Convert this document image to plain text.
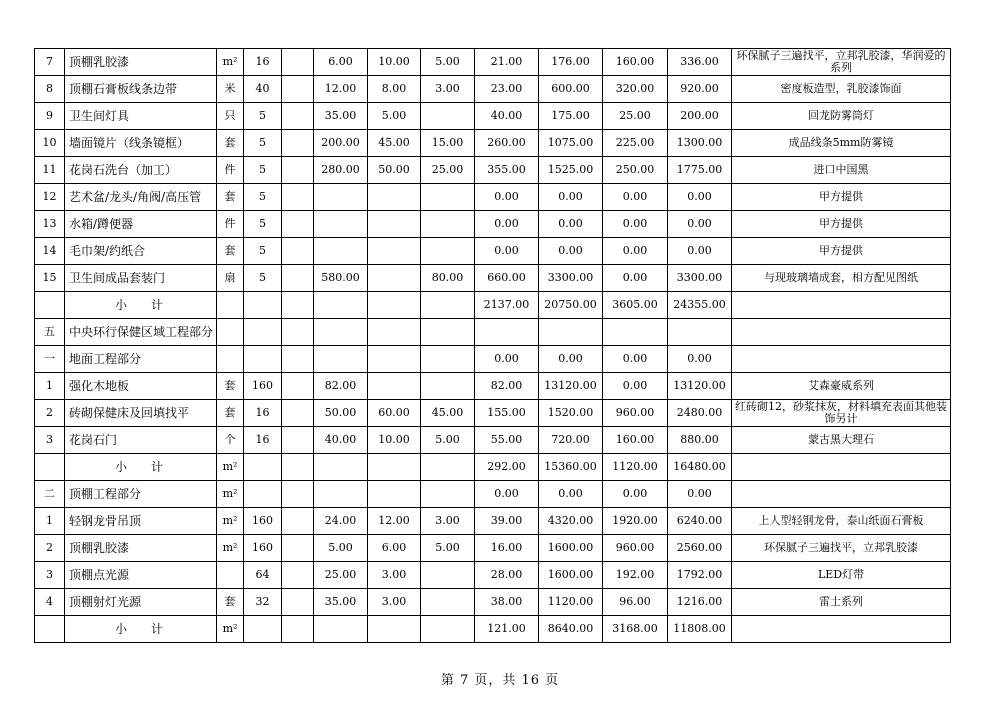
7	顶棚乳胶漆	m²	16		6.00	10.00	5.00	21.00	176.00	160.00	336.00	环保腻子三遍找平，立邦乳胶漆，华润爱的系列
8	顶棚石膏板线条边带	米	40		12.00	8.00	3.00	23.00	600.00	320.00	920.00	密度板造型，乳胶漆饰面
9	卫生间灯具	只	5		35.00	5.00		40.00	175.00	25.00	200.00	回龙防雾筒灯
10	墙面镜片（线条镜框）	套	5		200.00	45.00	15.00	260.00	1075.00	225.00	1300.00	成品线条5mm防雾镜
11	花岗石洗台（加工）	件	5		280.00	50.00	25.00	355.00	1525.00	250.00	1775.00	进口中国黑
12	艺术盆/龙头/角阀/高压管	套	5					0.00	0.00	0.00	0.00	甲方提供
13	水箱/蹲便器	件	5					0.00	0.00	0.00	0.00	甲方提供
14	毛巾架/约纸合	套	5					0.00	0.00	0.00	0.00	甲方提供
15	卫生间成品套装门	扇	5		580.00		80.00	660.00	3300.00	0.00	3300.00	与现玻璃墙成套，相方配见图纸
	小计							2137.00	20750.00	3605.00	24355.00	
五	中央环行保健区域工程部分											
一	地面工程部分							0.00	0.00	0.00	0.00	
1	强化木地板	套	160		82.00			82.00	13120.00	0.00	13120.00	艾森豪威系列
2	砖砌保健床及回填找平	套	16		50.00	60.00	45.00	155.00	1520.00	960.00	2480.00	红砖砌12，砂浆抹灰，材料填充表面其他装饰另计
3	花岗石门	个	16		40.00	10.00	5.00	55.00	720.00	160.00	880.00	蒙古黑大理石
	小计	m²						292.00	15360.00	1120.00	16480.00	
二	顶棚工程部分	m²						0.00	0.00	0.00	0.00	
1	轻钢龙骨吊顶	m²	160		24.00	12.00	3.00	39.00	4320.00	1920.00	6240.00	上人型轻钢龙骨，泰山纸面石膏板
2	顶棚乳胶漆	m²	160		5.00	6.00	5.00	16.00	1600.00	960.00	2560.00	环保腻子三遍找平，立邦乳胶漆
3	顶棚点光源		64		25.00	3.00		28.00	1600.00	192.00	1792.00	LED灯带
4	顶棚射灯光源	套	32		35.00	3.00		38.00	1120.00	96.00	1216.00	雷士系列
	小计	m²						121.00	8640.00	3168.00	11808.00	
第 7 页，共 16 页
